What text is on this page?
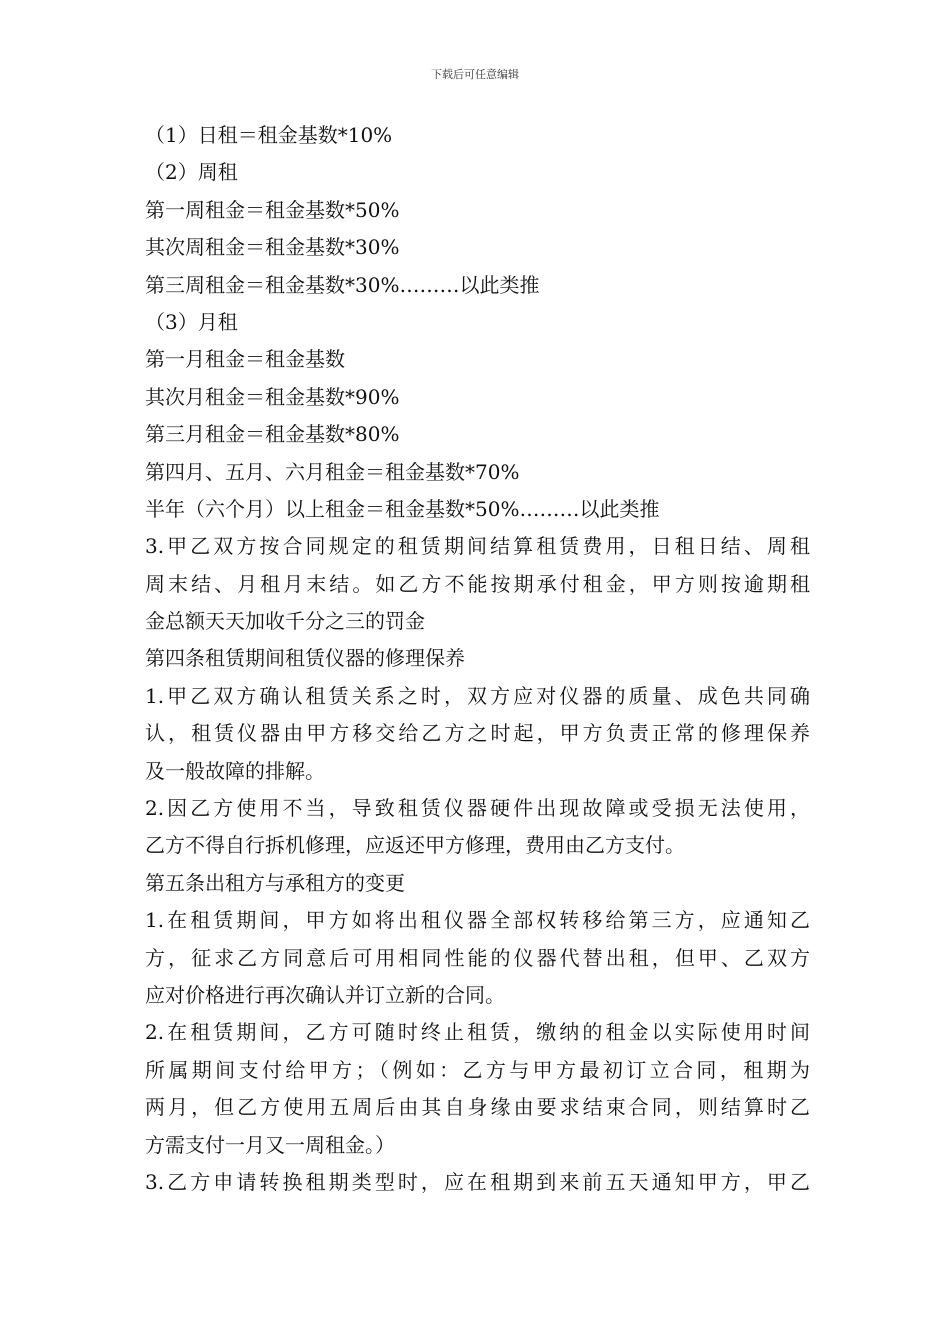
下载后可任意编辑
（1）日租＝租金基数*10%
（2）周租
第一周租金＝租金基数*50%
其次周租金＝租金基数*30%
第三周租金＝租金基数*30%………以此类推
（3）月租
第一月租金＝租金基数
其次月租金＝租金基数*90%
第三月租金＝租金基数*80%
第四月、五月、六月租金＝租金基数*70%
半年（六个月）以上租金＝租金基数*50%………以此类推
3.甲乙双方按合同规定的租赁期间结算租赁费用，日租日结、周租
周末结、月租月末结。如乙方不能按期承付租金，甲方则按逾期租
金总额天天加收千分之三的罚金
第四条租赁期间租赁仪器的修理保养
1.甲乙双方确认租赁关系之时，双方应对仪器的质量、成色共同确
认，租赁仪器由甲方移交给乙方之时起，甲方负责正常的修理保养
及一般故障的排解。
2.因乙方使用不当，导致租赁仪器硬件出现故障或受损无法使用，
乙方不得自行拆机修理，应返还甲方修理，费用由乙方支付。
第五条出租方与承租方的变更
1.在租赁期间，甲方如将出租仪器全部权转移给第三方，应通知乙
方，征求乙方同意后可用相同性能的仪器代替出租，但甲、乙双方
应对价格进行再次确认并订立新的合同。
2.在租赁期间，乙方可随时终止租赁，缴纳的租金以实际使用时间
所属期间支付给甲方；（例如：乙方与甲方最初订立合同，租期为
两月，但乙方使用五周后由其自身缘由要求结束合同，则结算时乙
方需支付一月又一周租金。）
3.乙方申请转换租期类型时，应在租期到来前五天通知甲方，甲乙
